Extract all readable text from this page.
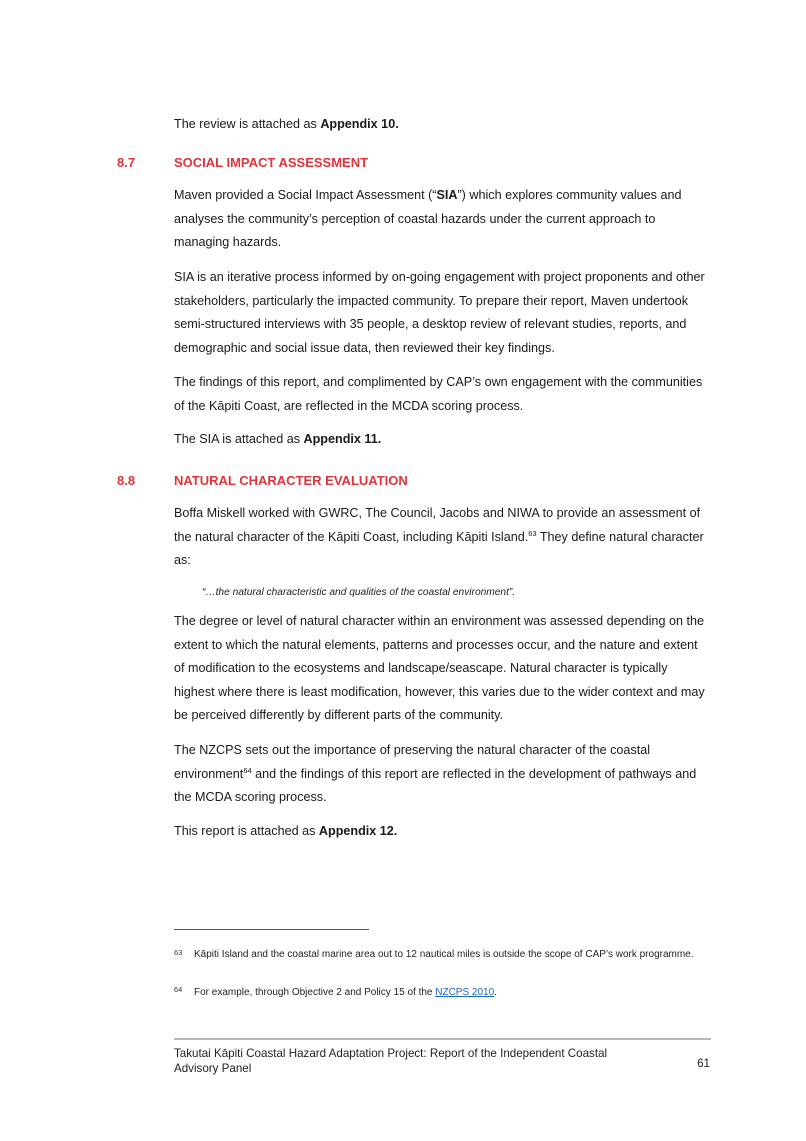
The review is attached as Appendix 10.

8.7	SOCIAL IMPACT ASSESSMENT

Maven provided a Social Impact Assessment (“SIA”) which explores community values and analyses the community’s perception of coastal hazards under the current approach to managing hazards.

SIA is an iterative process informed by on-going engagement with project proponents and other stakeholders, particularly the impacted community. To prepare their report, Maven undertook semi-structured interviews with 35 people, a desktop review of relevant studies, reports, and demographic and social issue data, then reviewed their key findings.

The findings of this report, and complimented by CAP’s own engagement with the communities of the Kāpiti Coast, are reflected in the MCDA scoring process.

The SIA is attached as Appendix 11.

8.8	NATURAL CHARACTER EVALUATION

Boffa Miskell worked with GWRC, The Council, Jacobs and NIWA to provide an assessment of the natural character of the Kāpiti Coast, including Kāpiti Island.$^{63}$ They define natural character as:

“…the natural characteristic and qualities of the coastal environment”.

The degree or level of natural character within an environment was assessed depending on the extent to which the natural elements, patterns and processes occur, and the nature and extent of modification to the ecosystems and landscape/seascape. Natural character is typically highest where there is least modification, however, this varies due to the wider context and may be perceived differently by different parts of the community.

The NZCPS sets out the importance of preserving the natural character of the coastal environment$^{64}$ and the findings of this report are reflected in the development of pathways and the MCDA scoring process.

This report is attached as Appendix 12.

63 Kāpiti Island and the coastal marine area out to 12 nautical miles is outside the scope of CAP’s work programme.

64 For example, through Objective 2 and Policy 15 of the NZCPS 2010.

Takutai Kāpiti Coastal Hazard Adaptation Project: Report of the Independent Coastal Advisory Panel	61
